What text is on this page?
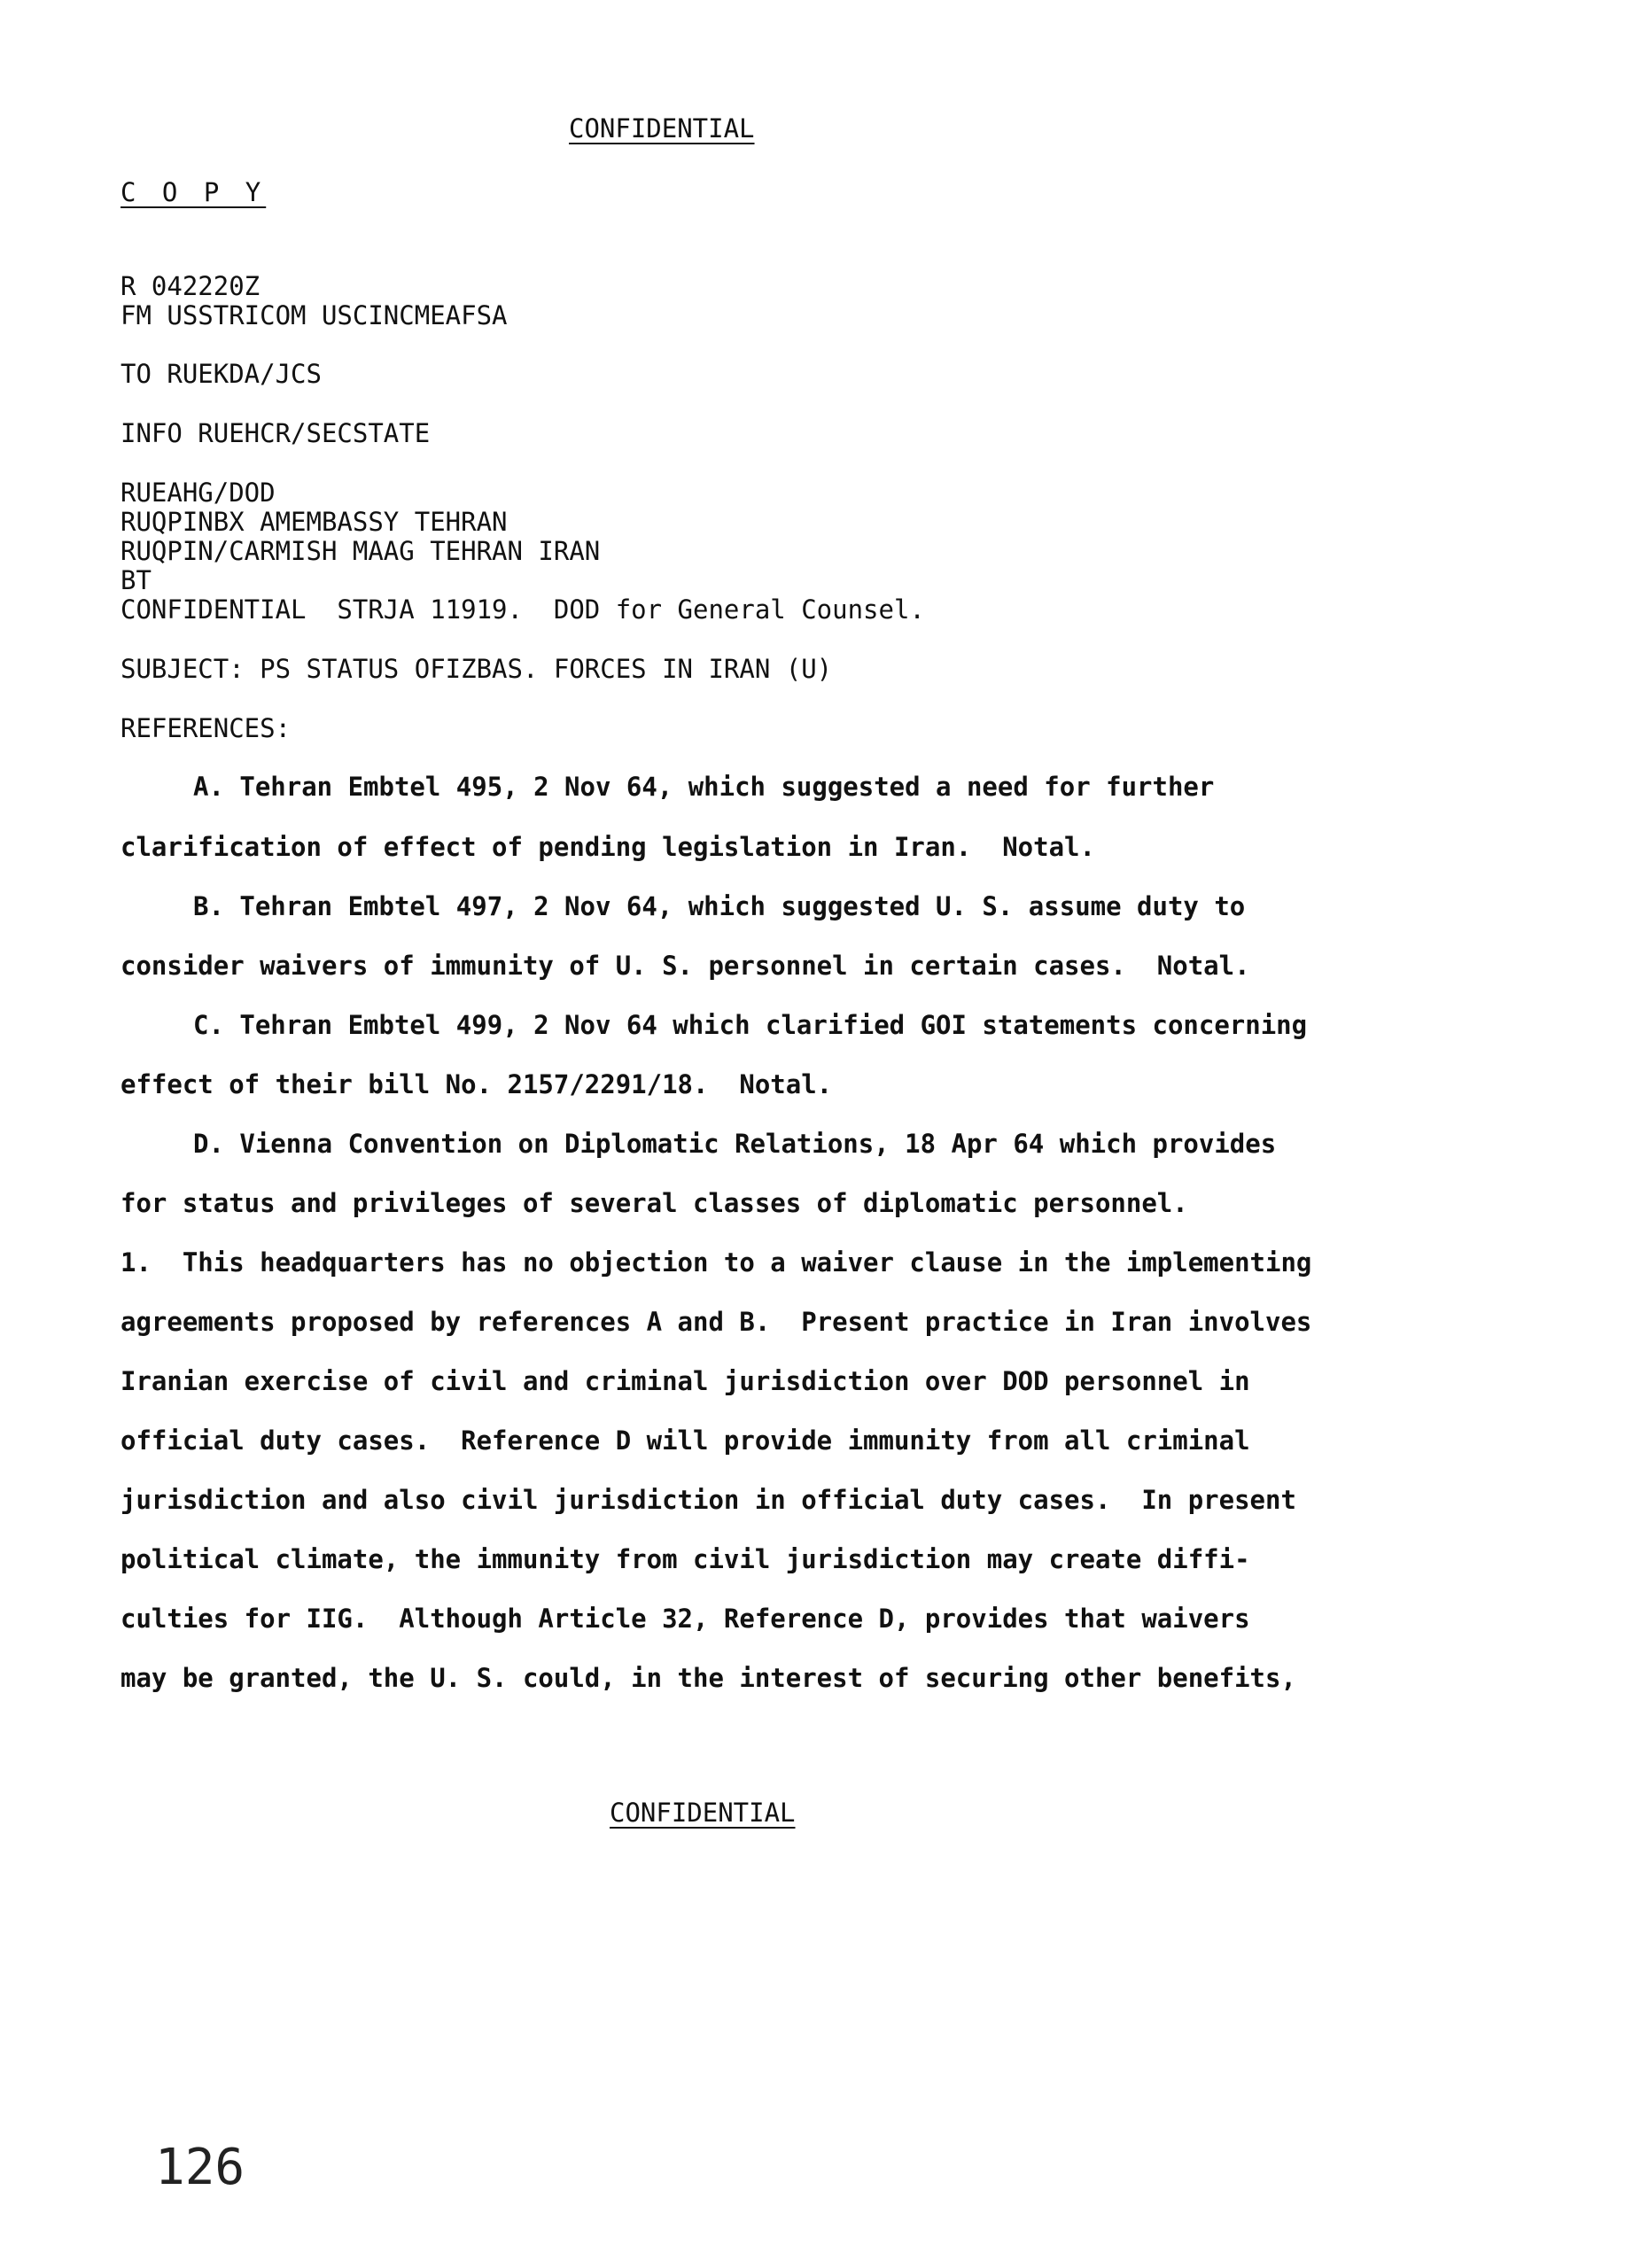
CONFIDENTIAL
C O P Y
R 042220Z
FM USSTRICOM USCINCMEAFSA
TO RUEKDA/JCS
INFO RUEHCR/SECSTATE
RUEAHG/DOD
RUQPINBX AMEMBASSY TEHRAN
RUQPIN/CARMISH MAAG TEHRAN IRAN
BT
CONFIDENTIAL  STRJA 11919.  DOD for General Counsel.
SUBJECT: PS STATUS OFIZBAS. FORCES IN IRAN (U)
REFERENCES:
A. Tehran Embtel 495, 2 Nov 64, which suggested a need for further
clarification of effect of pending legislation in Iran.  Notal.
B. Tehran Embtel 497, 2 Nov 64, which suggested U. S. assume duty to
consider waivers of immunity of U. S. personnel in certain cases.  Notal.
C. Tehran Embtel 499, 2 Nov 64 which clarified GOI statements concerning
effect of their bill No. 2157/2291/18.  Notal.
D. Vienna Convention on Diplomatic Relations, 18 Apr 64 which provides
for status and privileges of several classes of diplomatic personnel.
1.  This headquarters has no objection to a waiver clause in the implementing
agreements proposed by references A and B.  Present practice in Iran involves
Iranian exercise of civil and criminal jurisdiction over DOD personnel in
official duty cases.  Reference D will provide immunity from all criminal
jurisdiction and also civil jurisdiction in official duty cases.  In present
political climate, the immunity from civil jurisdiction may create diffi-
culties for IIG.  Although Article 32, Reference D, provides that waivers
may be granted, the U. S. could, in the interest of securing other benefits,
CONFIDENTIAL
126
